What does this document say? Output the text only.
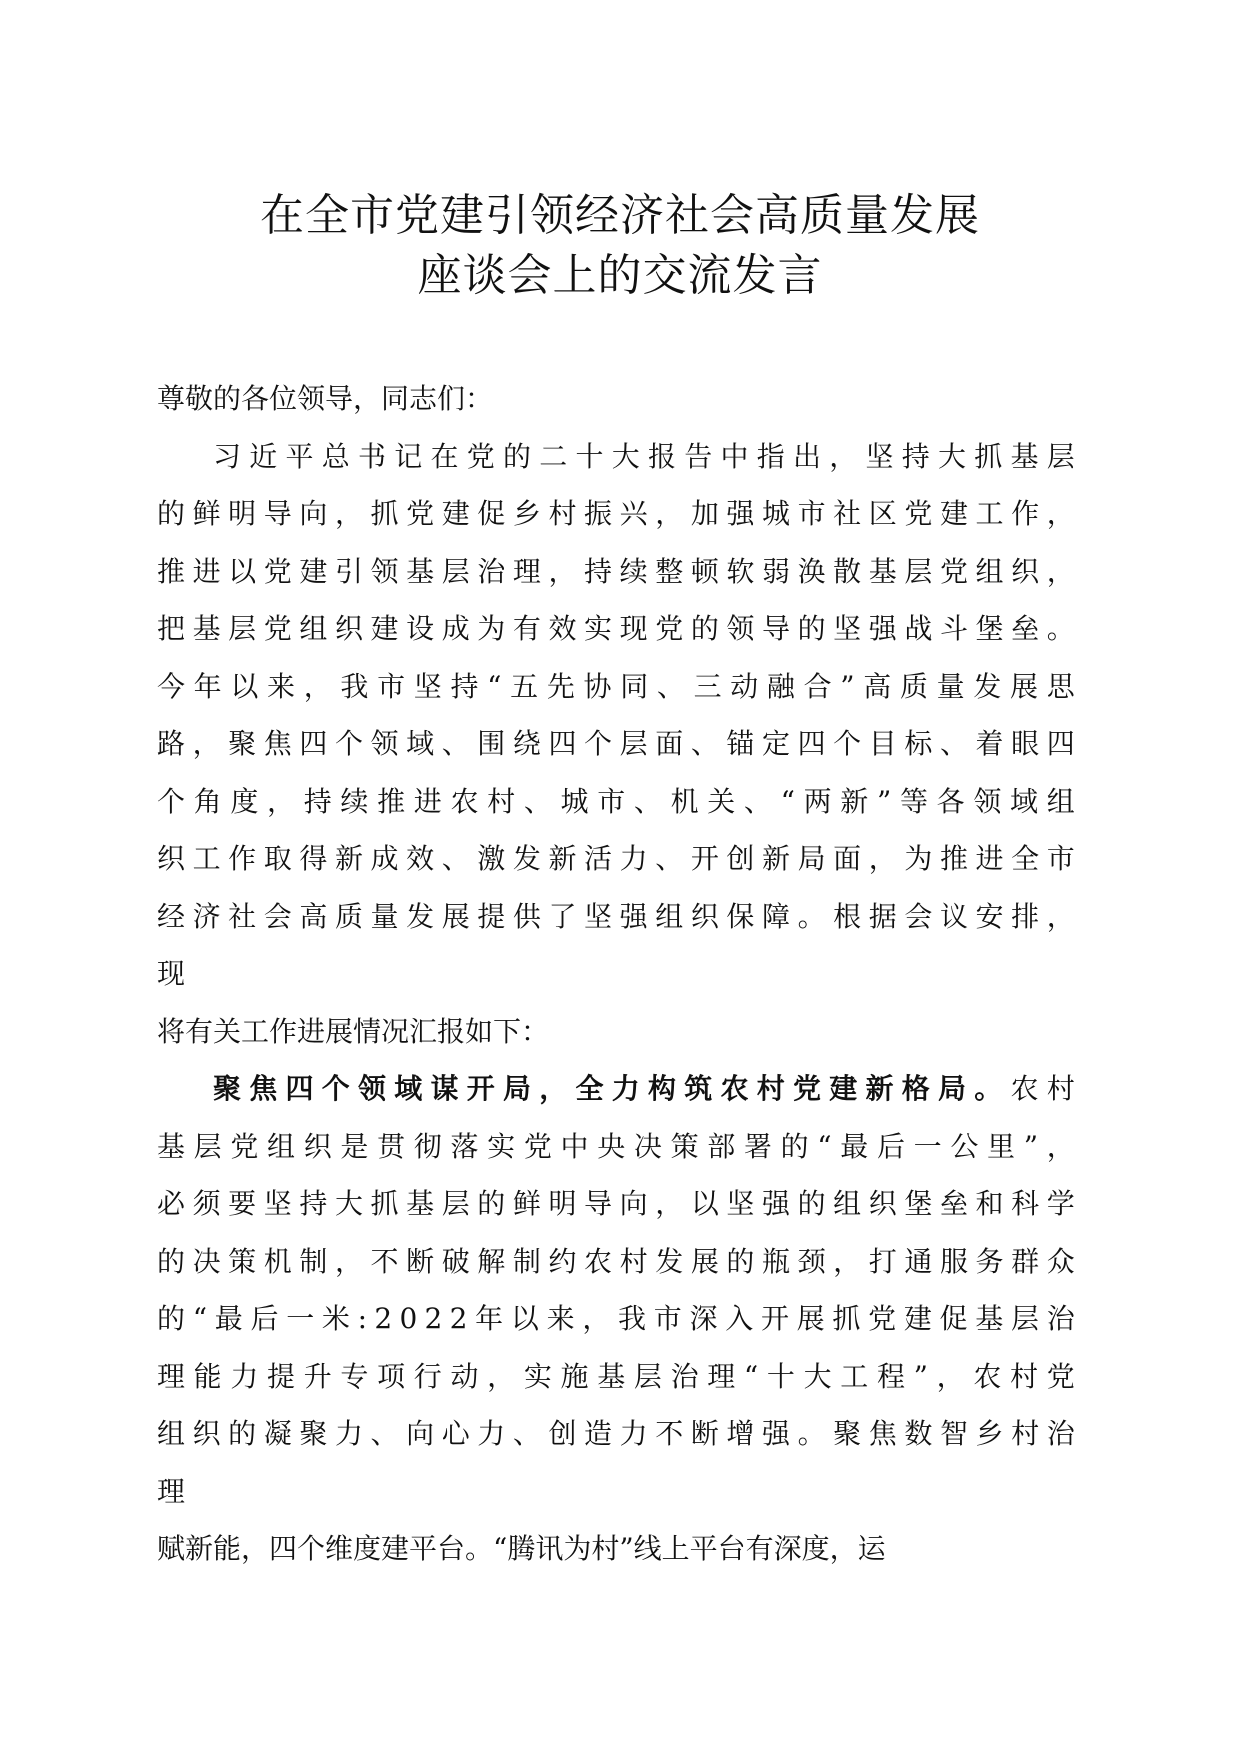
在全市党建引领经济社会高质量发展
座谈会上的交流发言

尊敬的各位领导，同志们：

习近平总书记在党的二十大报告中指出，坚持大抓基层的鲜明导向，抓党建促乡村振兴，加强城市社区党建工作，推进以党建引领基层治理，持续整顿软弱涣散基层党组织，把基层党组织建设成为有效实现党的领导的坚强战斗堡垒。今年以来，我市坚持“五先协同、三动融合”高质量发展思路，聚焦四个领域、围绕四个层面、锚定四个目标、着眼四个角度，持续推进农村、城市、机关、“两新”等各领域组织工作取得新成效、激发新活力、开创新局面，为推进全市经济社会高质量发展提供了坚强组织保障。根据会议安排，现
将有关工作进展情况汇报如下：

聚焦四个领域谋开局，全力构筑农村党建新格局。农村基层党组织是贯彻落实党中央决策部署的“最后一公里”，必须要坚持大抓基层的鲜明导向，以坚强的组织堡垒和科学的决策机制，不断破解制约农村发展的瓶颈，打通服务群众的“最后一米:2022年以来，我市深入开展抓党建促基层治理能力提升专项行动，实施基层治理“十大工程”，农村党组织的凝聚力、向心力、创造力不断增强。聚焦数智乡村治理
赋新能，四个维度建平台。“腾讯为村”线上平台有深度，运
